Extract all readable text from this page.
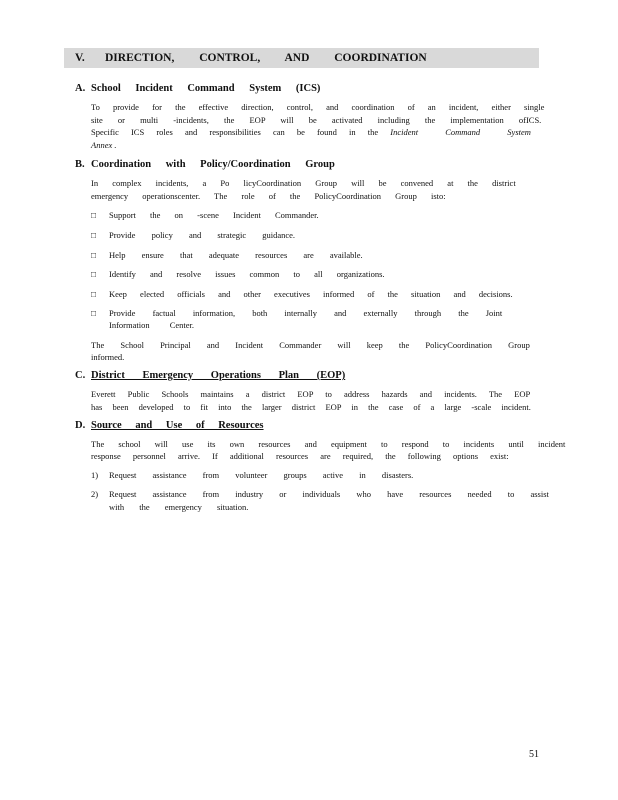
V. DIRECTION, CONTROL, AND COORDINATION
A. School Incident Command System (ICS)
To provide for the effective direction, control, and coordination of an incident, either single
site or multi -incidents, the EOP will be activated including the implementation ofICS.
Specific ICS roles and responsibilities can be found in the Incident Command System
Annex .
B. Coordination with Policy/Coordination Group
In complex incidents, a Po licyCoordination Group will be convened at the district
emergency operationscenter. The role of the PolicyCoordination Group isto:
□ Support the on -scene Incident Commander.
□ Provide policy and strategic guidance.
□ Help ensure that adequate resources are available.
□ Identify and resolve issues common to all organizations.
□ Keep elected officials and other executives informed of the situation and decisions.
□ Provide factual information, both internally and externally through the Joint
Information Center.
The School Principal and Incident Commander will keep the PolicyCoordination Group
informed.
C. District Emergency Operations Plan (EOP)
Everett Public Schools maintains a district EOP to address hazards and incidents. The EOP
has been developed to fit into the larger district EOP in the case of a large -scale incident.
D. Source and Use of Resources
The school will use its own resources and equipment to respond to incidents until incident
response personnel arrive. If additional resources are required, the following options exist:
1) Request assistance from volunteer groups active in disasters.
2) Request assistance from industry or individuals who have resources needed to assist
with the emergency situation.
51
